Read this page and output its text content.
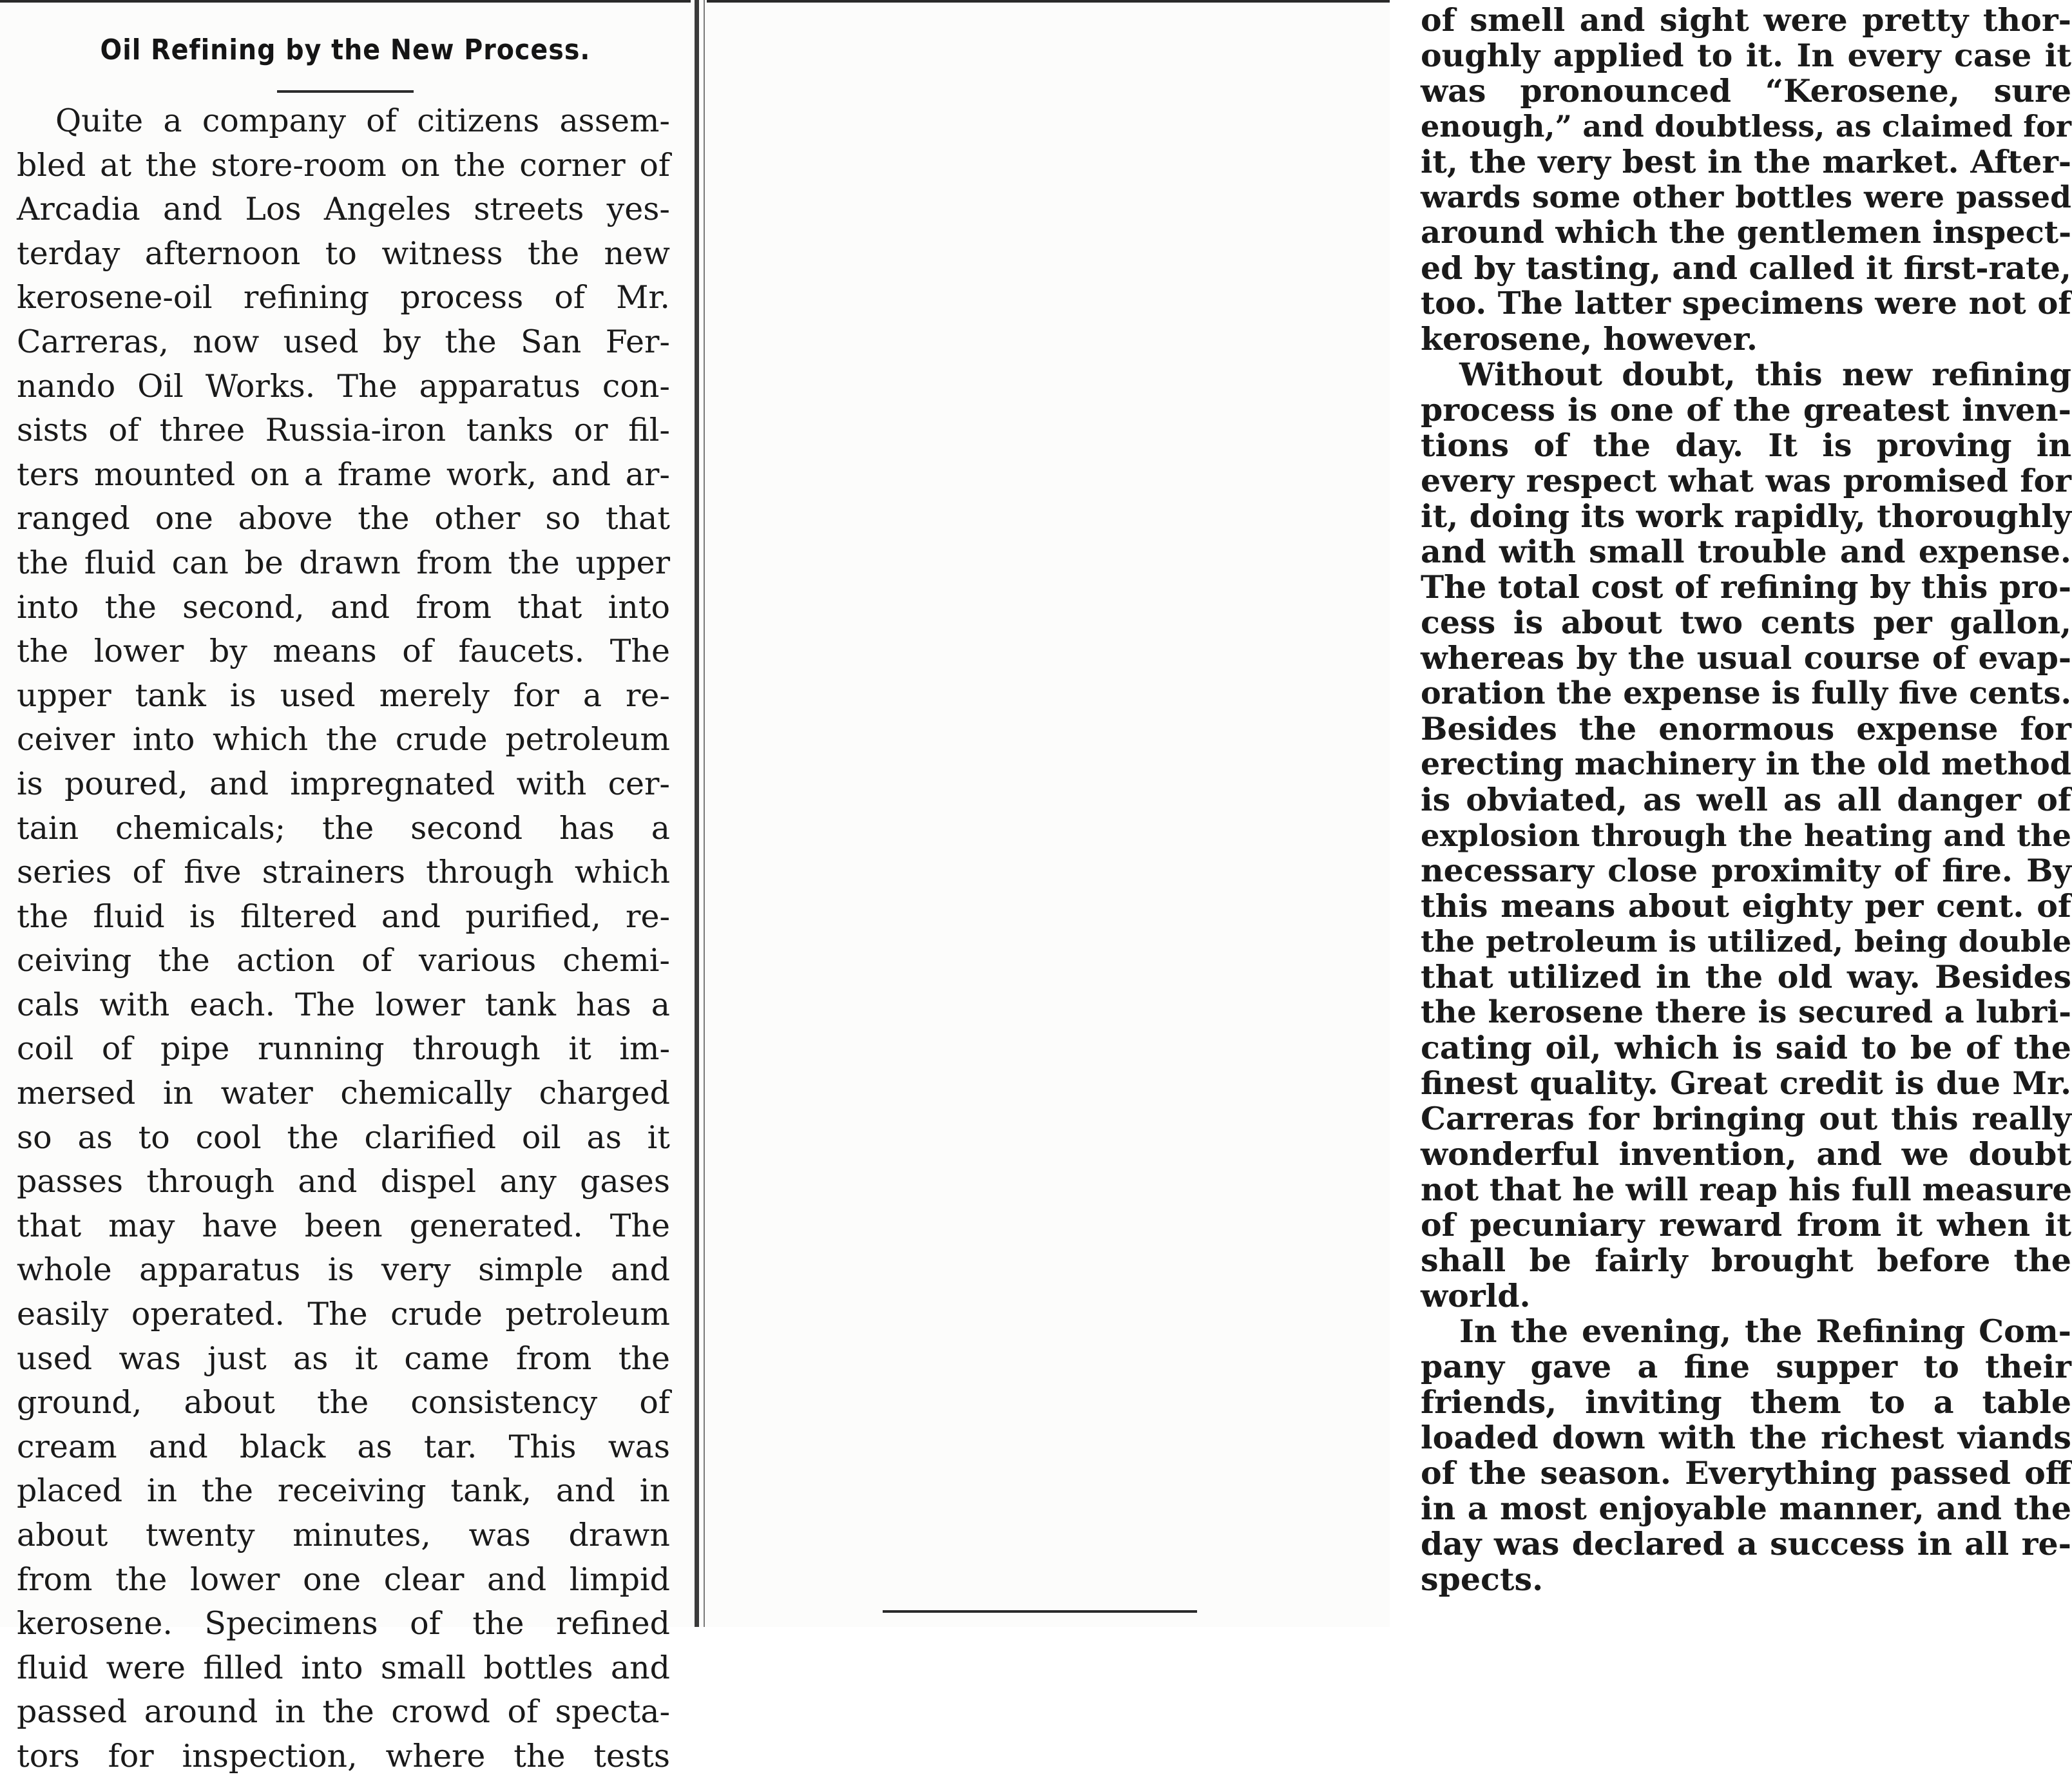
Oil Refining by the New Process.
Quite a company of citizens assem-
bled at the store-room on the corner of
Arcadia and Los Angeles streets yes-
terday afternoon to witness the new
kerosene-oil refining process of Mr.
Carreras, now used by the San Fer-
nando Oil Works. The apparatus con-
sists of three Russia-iron tanks or fil-
ters mounted on a frame work, and ar-
ranged one above the other so that
the fluid can be drawn from the upper
into the second, and from that into
the lower by means of faucets. The
upper tank is used merely for a re-
ceiver into which the crude petroleum
is poured, and impregnated with cer-
tain chemicals; the second has a
series of five strainers through which
the fluid is filtered and purified, re-
ceiving the action of various chemi-
cals with each. The lower tank has a
coil of pipe running through it im-
mersed in water chemically charged
so as to cool the clarified oil as it
passes through and dispel any gases
that may have been generated. The
whole apparatus is very simple and
easily operated. The crude petroleum
used was just as it came from the
ground, about the consistency of
cream and black as tar. This was
placed in the receiving tank, and in
about twenty minutes, was drawn
from the lower one clear and limpid
kerosene. Specimens of the refined
fluid were filled into small bottles and
passed around in the crowd of specta-
tors for inspection, where the tests
of smell and sight were pretty thor-
oughly applied to it. In every case it
was pronounced “Kerosene, sure
enough,” and doubtless, as claimed for
it, the very best in the market. After-
wards some other bottles were passed
around which the gentlemen inspect-
ed by tasting, and called it first-rate,
too. The latter specimens were not of
kerosene, however.
Without doubt, this new refining
process is one of the greatest inven-
tions of the day. It is proving in
every respect what was promised for
it, doing its work rapidly, thoroughly
and with small trouble and expense.
The total cost of refining by this pro-
cess is about two cents per gallon,
whereas by the usual course of evap-
oration the expense is fully five cents.
Besides the enormous expense for
erecting machinery in the old method
is obviated, as well as all danger of
explosion through the heating and the
necessary close proximity of fire. By
this means about eighty per cent. of
the petroleum is utilized, being double
that utilized in the old way. Besides
the kerosene there is secured a lubri-
cating oil, which is said to be of the
finest quality. Great credit is due Mr.
Carreras for bringing out this really
wonderful invention, and we doubt
not that he will reap his full measure
of pecuniary reward from it when it
shall be fairly brought before the
world.
In the evening, the Refining Com-
pany gave a fine supper to their
friends, inviting them to a table
loaded down with the richest viands
of the season. Everything passed off
in a most enjoyable manner, and the
day was declared a success in all re-
spects.
